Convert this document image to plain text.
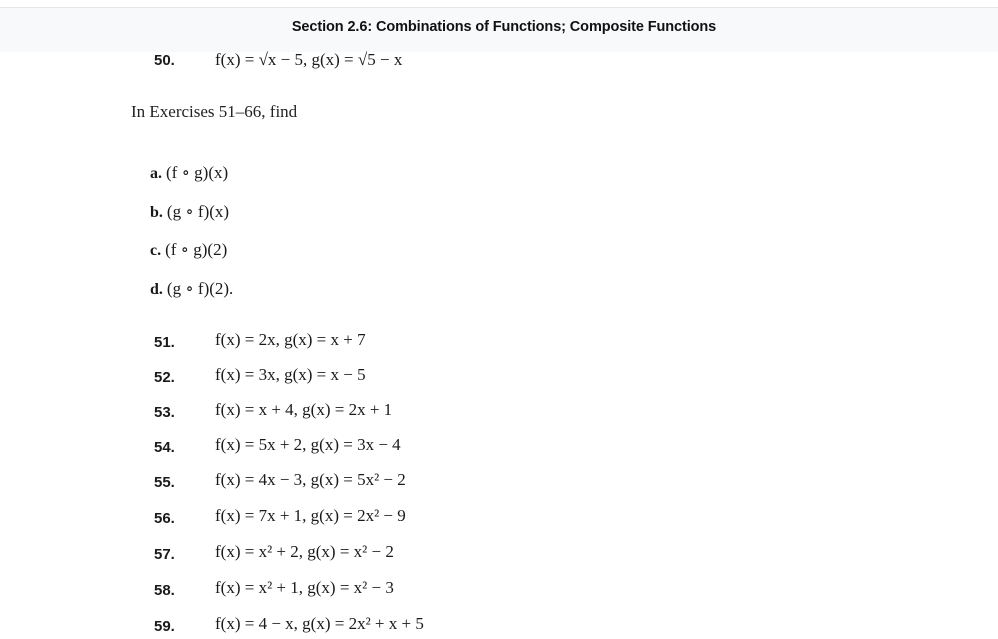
Section 2.6: Combinations of Functions; Composite Functions
50. f(x) = √x − 5, g(x) = √5 − x
In Exercises 51–66, find
a. (f ∘ g)(x)
b. (g ∘ f)(x)
c. (f ∘ g)(2)
d. (g ∘ f)(2).
51. f(x) = 2x, g(x) = x + 7
52. f(x) = 3x, g(x) = x − 5
53. f(x) = x + 4, g(x) = 2x + 1
54. f(x) = 5x + 2, g(x) = 3x − 4
55. f(x) = 4x − 3, g(x) = 5x² − 2
56. f(x) = 7x + 1, g(x) = 2x² − 9
57. f(x) = x² + 2, g(x) = x² − 2
58. f(x) = x² + 1, g(x) = x² − 3
59. f(x) = 4 − x, g(x) = 2x² + x + 5
